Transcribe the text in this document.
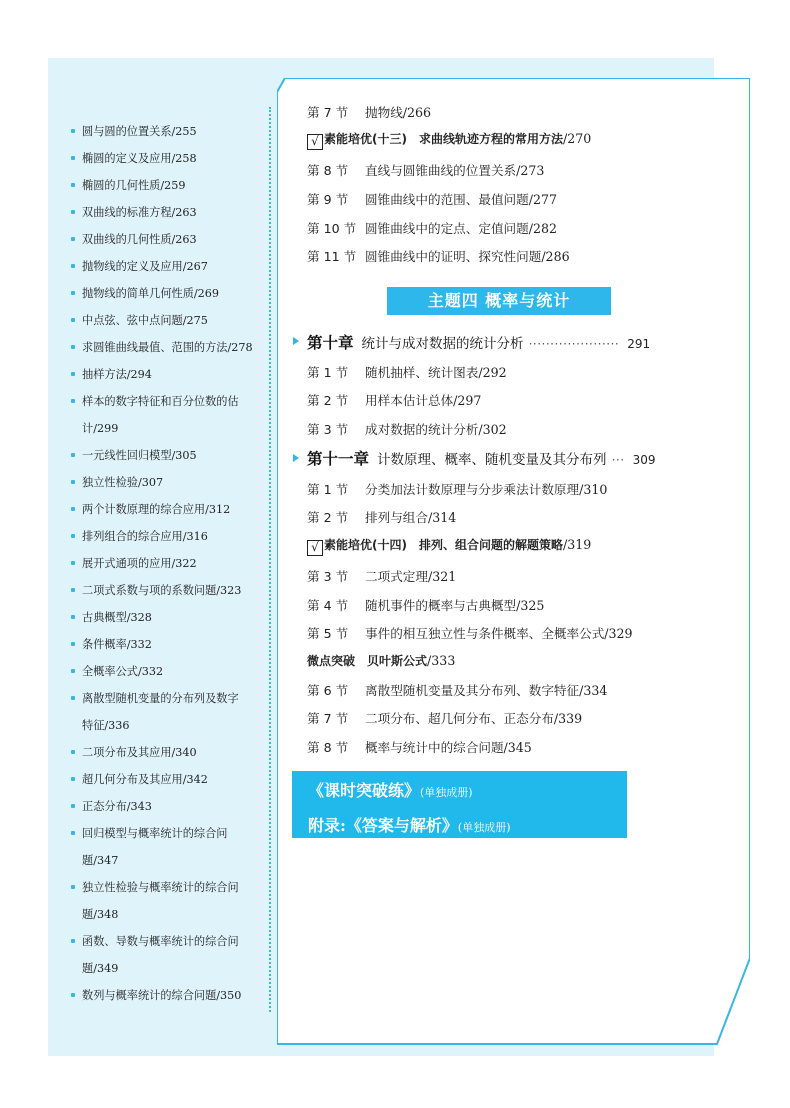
圆与圆的位置关系/255
椭圆的定义及应用/258
椭圆的几何性质/259
双曲线的标准方程/263
双曲线的几何性质/263
抛物线的定义及应用/267
抛物线的简单几何性质/269
中点弦、弦中点问题/275
求圆锥曲线最值、范围的方法/278
抽样方法/294
样本的数字特征和百分位数的估
计/299
一元线性回归模型/305
独立性检验/307
两个计数原理的综合应用/312
排列组合的综合应用/316
展开式通项的应用/322
二项式系数与项的系数问题/323
古典概型/328
条件概率/332
全概率公式/332
离散型随机变量的分布列及数字
特征/336
二项分布及其应用/340
超几何分布及其应用/342
正态分布/343
回归模型与概率统计的综合问
题/347
独立性检验与概率统计的综合问
题/348
函数、导数与概率统计的综合问
题/349
数列与概率统计的综合问题/350
第 7 节 抛物线/266
√ 素能培优(十三) 求曲线轨迹方程的常用方法/270
第 8 节 直线与圆锥曲线的位置关系/273
第 9 节 圆锥曲线中的范围、最值问题/277
第 10 节 圆锥曲线中的定点、定值问题/282
第 11 节 圆锥曲线中的证明、探究性问题/286
主题四 概率与统计
第十章 统计与成对数据的统计分析 ····················· 291
第 1 节 随机抽样、统计图表/292
第 2 节 用样本估计总体/297
第 3 节 成对数据的统计分析/302
第十一章 计数原理、概率、随机变量及其分布列 ··· 309
第 1 节 分类加法计数原理与分步乘法计数原理/310
第 2 节 排列与组合/314
√ 素能培优(十四) 排列、组合问题的解题策略/319
第 3 节 二项式定理/321
第 4 节 随机事件的概率与古典概型/325
第 5 节 事件的相互独立性与条件概率、全概率公式/329
微点突破 贝叶斯公式/333
第 6 节 离散型随机变量及其分布列、数字特征/334
第 7 节 二项分布、超几何分布、正态分布/339
第 8 节 概率与统计中的综合问题/345
《课时突破练》(单独成册)
附录:《答案与解析》(单独成册)
